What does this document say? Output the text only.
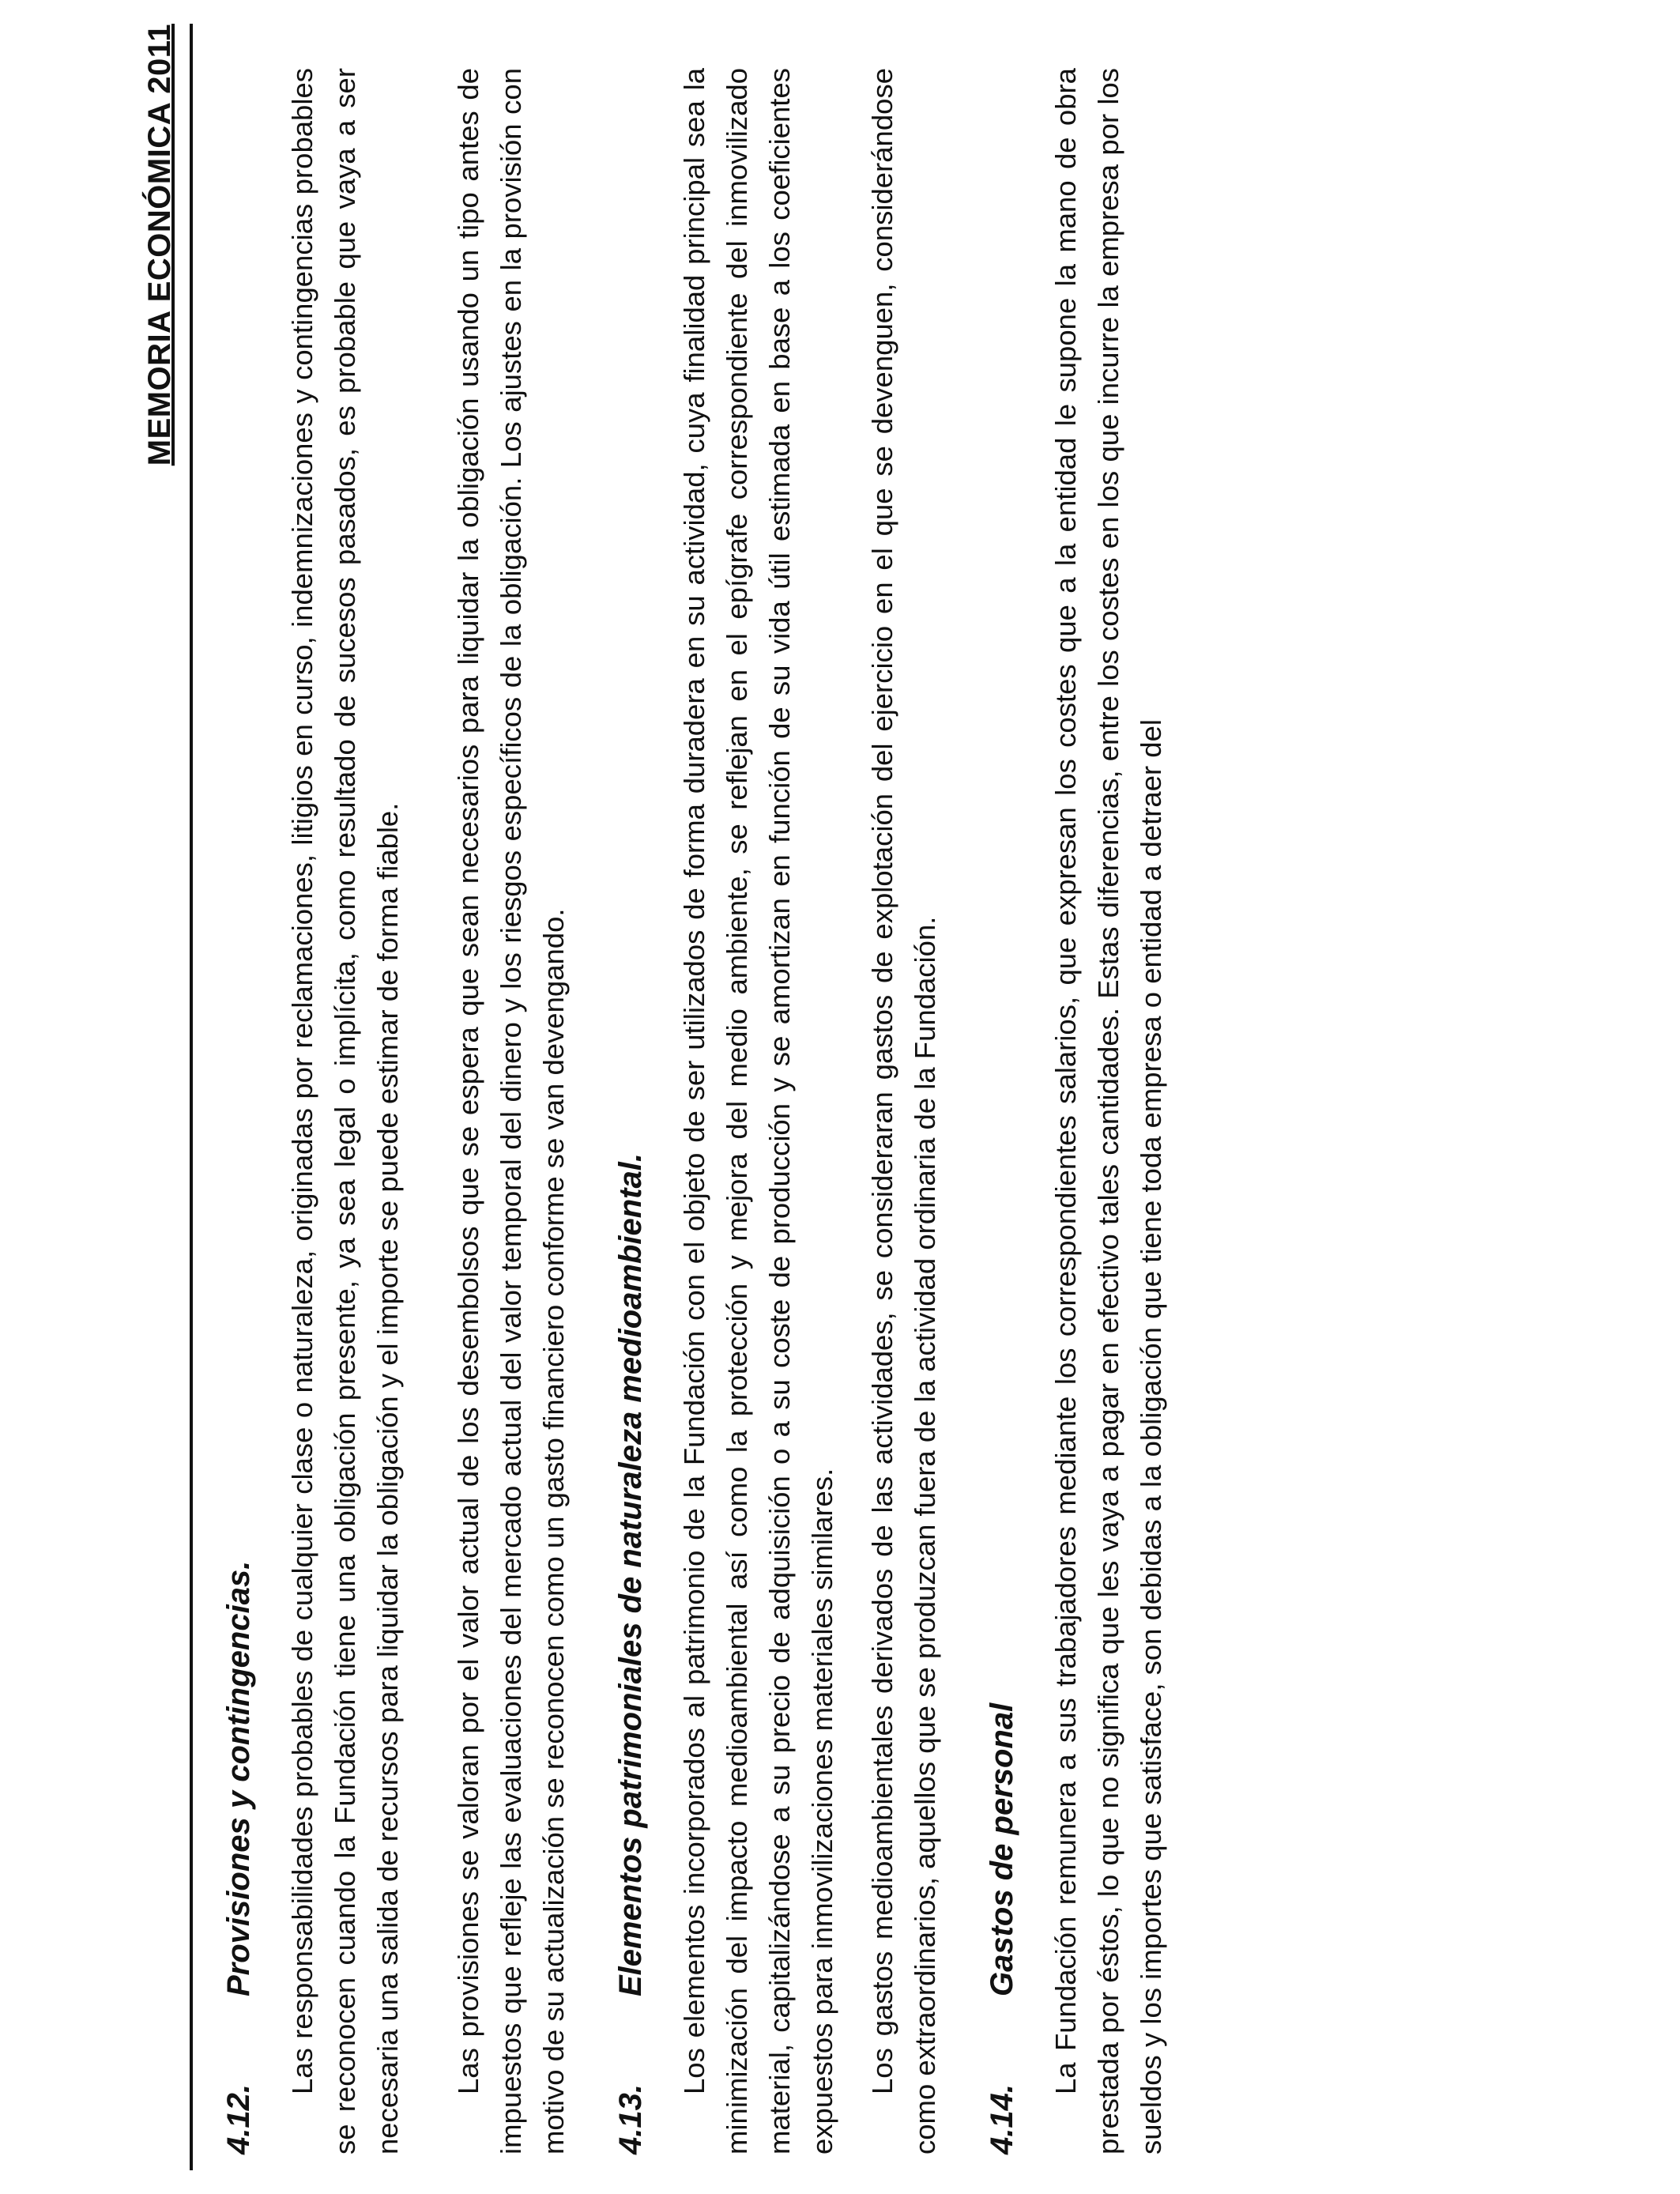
MEMORIA ECONÓMICA 2011
4.12.
Provisiones y contingencias. Las responsabilidades probables de cualquier clase o naturaleza, originadas por reclamaciones, litigios en curso, indemnizaciones y contingencias probables se reconocen cuando la Fundación tiene una obligación presente, ya sea legal o implícita, como resultado de sucesos pasados, es probable que vaya a ser necesaria una salida de recursos para liquidar la obligación y el importe se puede estimar de forma fiable. Las provisiones se valoran por el valor actual de los desembolsos que se espera que sean necesarios para liquidar la obligación usando un tipo antes de impuestos que refleje las evaluaciones del mercado actual del valor temporal del dinero y los riesgos específicos de la obligación. Los ajustes en la provisión con motivo de su actualización se reconocen como un gasto financiero conforme se van devengando. 4.13.
Elementos patrimoniales de naturaleza medioambiental. Los elementos incorporados al patrimonio de la Fundación con el objeto de ser utilizados de forma duradera en su actividad, cuya finalidad principal sea la minimización del impacto medioambiental así como la protección y mejora del medio ambiente, se reflejan en el epígrafe correspondiente del inmovilizado material, capitalizándose a su precio de adquisición o a su coste de producción y se amortizan en función de su vida útil estimada en base a los coeficientes expuestos para inmovilizaciones materiales similares. Los gastos medioambientales derivados de las actividades, se consideraran gastos de explotación del ejercicio en el que se devenguen, considerándose como extraordinarios, aquellos que se produzcan fuera de la actividad ordinaria de la Fundación. 4.14.
Gastos de personal La Fundación remunera a sus trabajadores mediante los correspondientes salarios, que expresan los costes que a la entidad le supone la mano de obra prestada por éstos, lo que no significa que les vaya a pagar en efectivo tales cantidades. Estas diferencias, entre los costes en los que incurre la empresa por los sueldos y los importes que satisface, son debidas a la obligación que tiene toda empresa o entidad a detraer del
